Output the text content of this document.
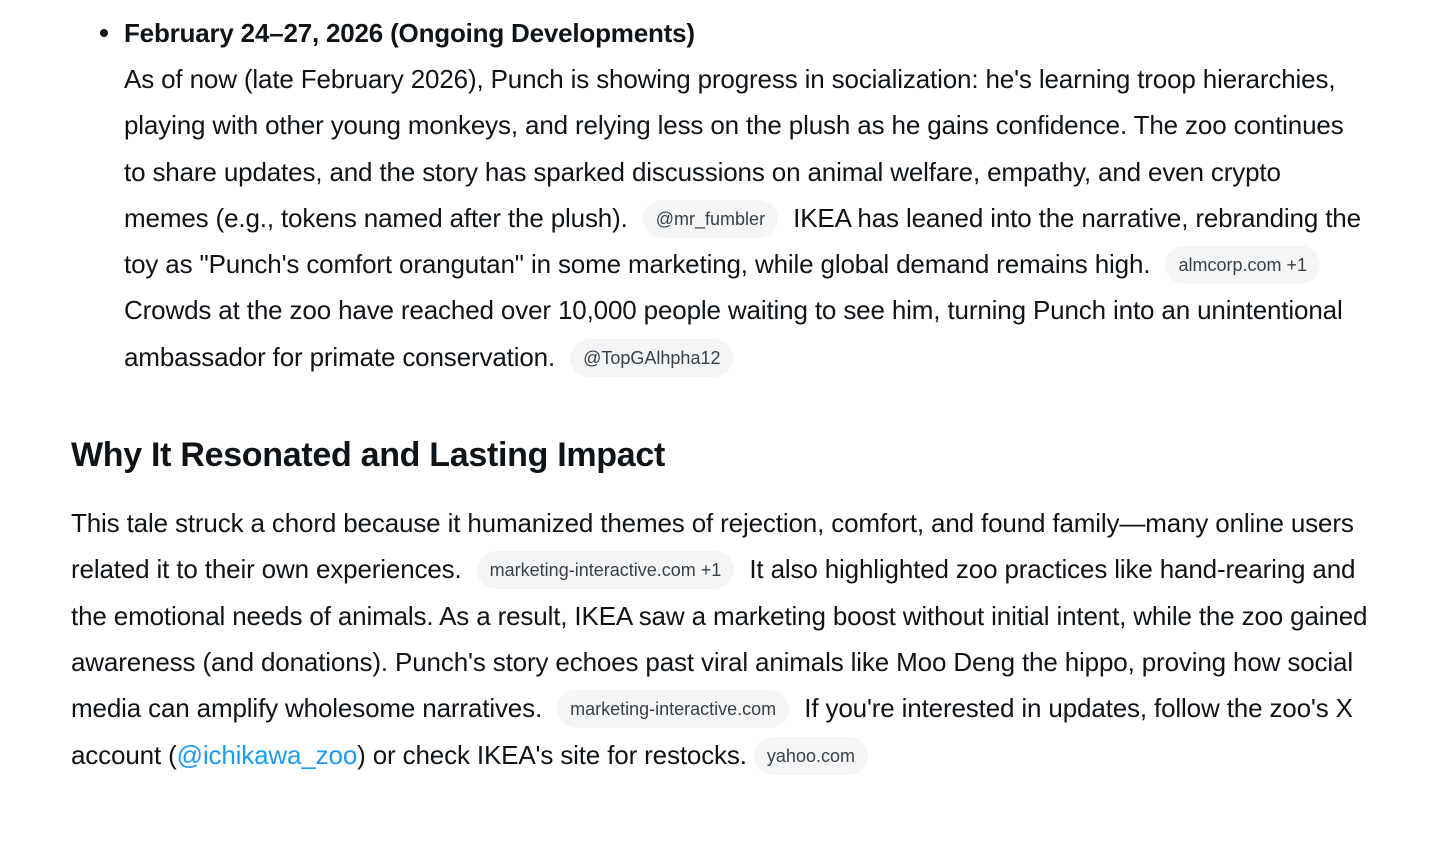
February 24–27, 2026 (Ongoing Developments)

As of now (late February 2026), Punch is showing progress in socialization: he's learning troop hierarchies, playing with other young monkeys, and relying less on the plush as he gains confidence. The zoo continues to share updates, and the story has sparked discussions on animal welfare, empathy, and even crypto memes (e.g., tokens named after the plush). @mr_fumbler IKEA has leaned into the narrative, rebranding the toy as "Punch's comfort orangutan" in some marketing, while global demand remains high. almcorp.com +1 Crowds at the zoo have reached over 10,000 people waiting to see him, turning Punch into an unintentional ambassador for primate conservation. @TopGAlhpha12

Why It Resonated and Lasting Impact

This tale struck a chord because it humanized themes of rejection, comfort, and found family—many online users related it to their own experiences. marketing-interactive.com +1 It also highlighted zoo practices like hand-rearing and the emotional needs of animals. As a result, IKEA saw a marketing boost without initial intent, while the zoo gained awareness (and donations). Punch's story echoes past viral animals like Moo Deng the hippo, proving how social media can amplify wholesome narratives. marketing-interactive.com If you're interested in updates, follow the zoo's X account (@ichikawa_zoo) or check IKEA's site for restocks. yahoo.com
